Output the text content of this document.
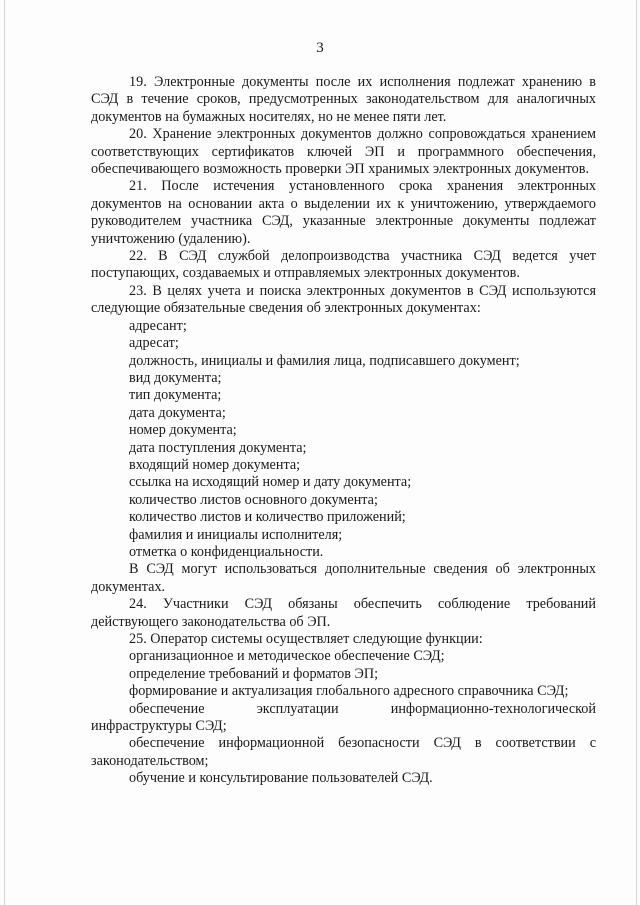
3

19. Электронные документы после их исполнения подлежат хранению в СЭД в течение сроков, предусмотренных законодательством для аналогичных документов на бумажных носителях, но не менее пяти лет.

20. Хранение электронных документов должно сопровождаться хранением соответствующих сертификатов ключей ЭП и программного обеспечения, обеспечивающего возможность проверки ЭП хранимых электронных документов.

21. После истечения установленного срока хранения электронных документов на основании акта о выделении их к уничтожению, утверждаемого руководителем участника СЭД, указанные электронные документы подлежат уничтожению (удалению).

22. В СЭД службой делопроизводства участника СЭД ведется учет поступающих, создаваемых и отправляемых электронных документов.

23. В целях учета и поиска электронных документов в СЭД используются следующие обязательные сведения об электронных документах:

адресант;

адресат;

должность, инициалы и фамилия лица, подписавшего документ;

вид документа;

тип документа;

дата документа;

номер документа;

дата поступления документа;

входящий номер документа;

ссылка на исходящий номер и дату документа;

количество листов основного документа;

количество листов и количество приложений;

фамилия и инициалы исполнителя;

отметка о конфиденциальности.

В СЭД могут использоваться дополнительные сведения об электронных документах.

24. Участники СЭД обязаны обеспечить соблюдение требований действующего законодательства об ЭП.

25. Оператор системы осуществляет следующие функции:

организационное и методическое обеспечение СЭД;

определение требований и форматов ЭП;

формирование и актуализация глобального адресного справочника СЭД;

обеспечение эксплуатации информационно-технологической инфраструктуры СЭД;

обеспечение информационной безопасности СЭД в соответствии с законодательством;

обучение и консультирование пользователей СЭД.
